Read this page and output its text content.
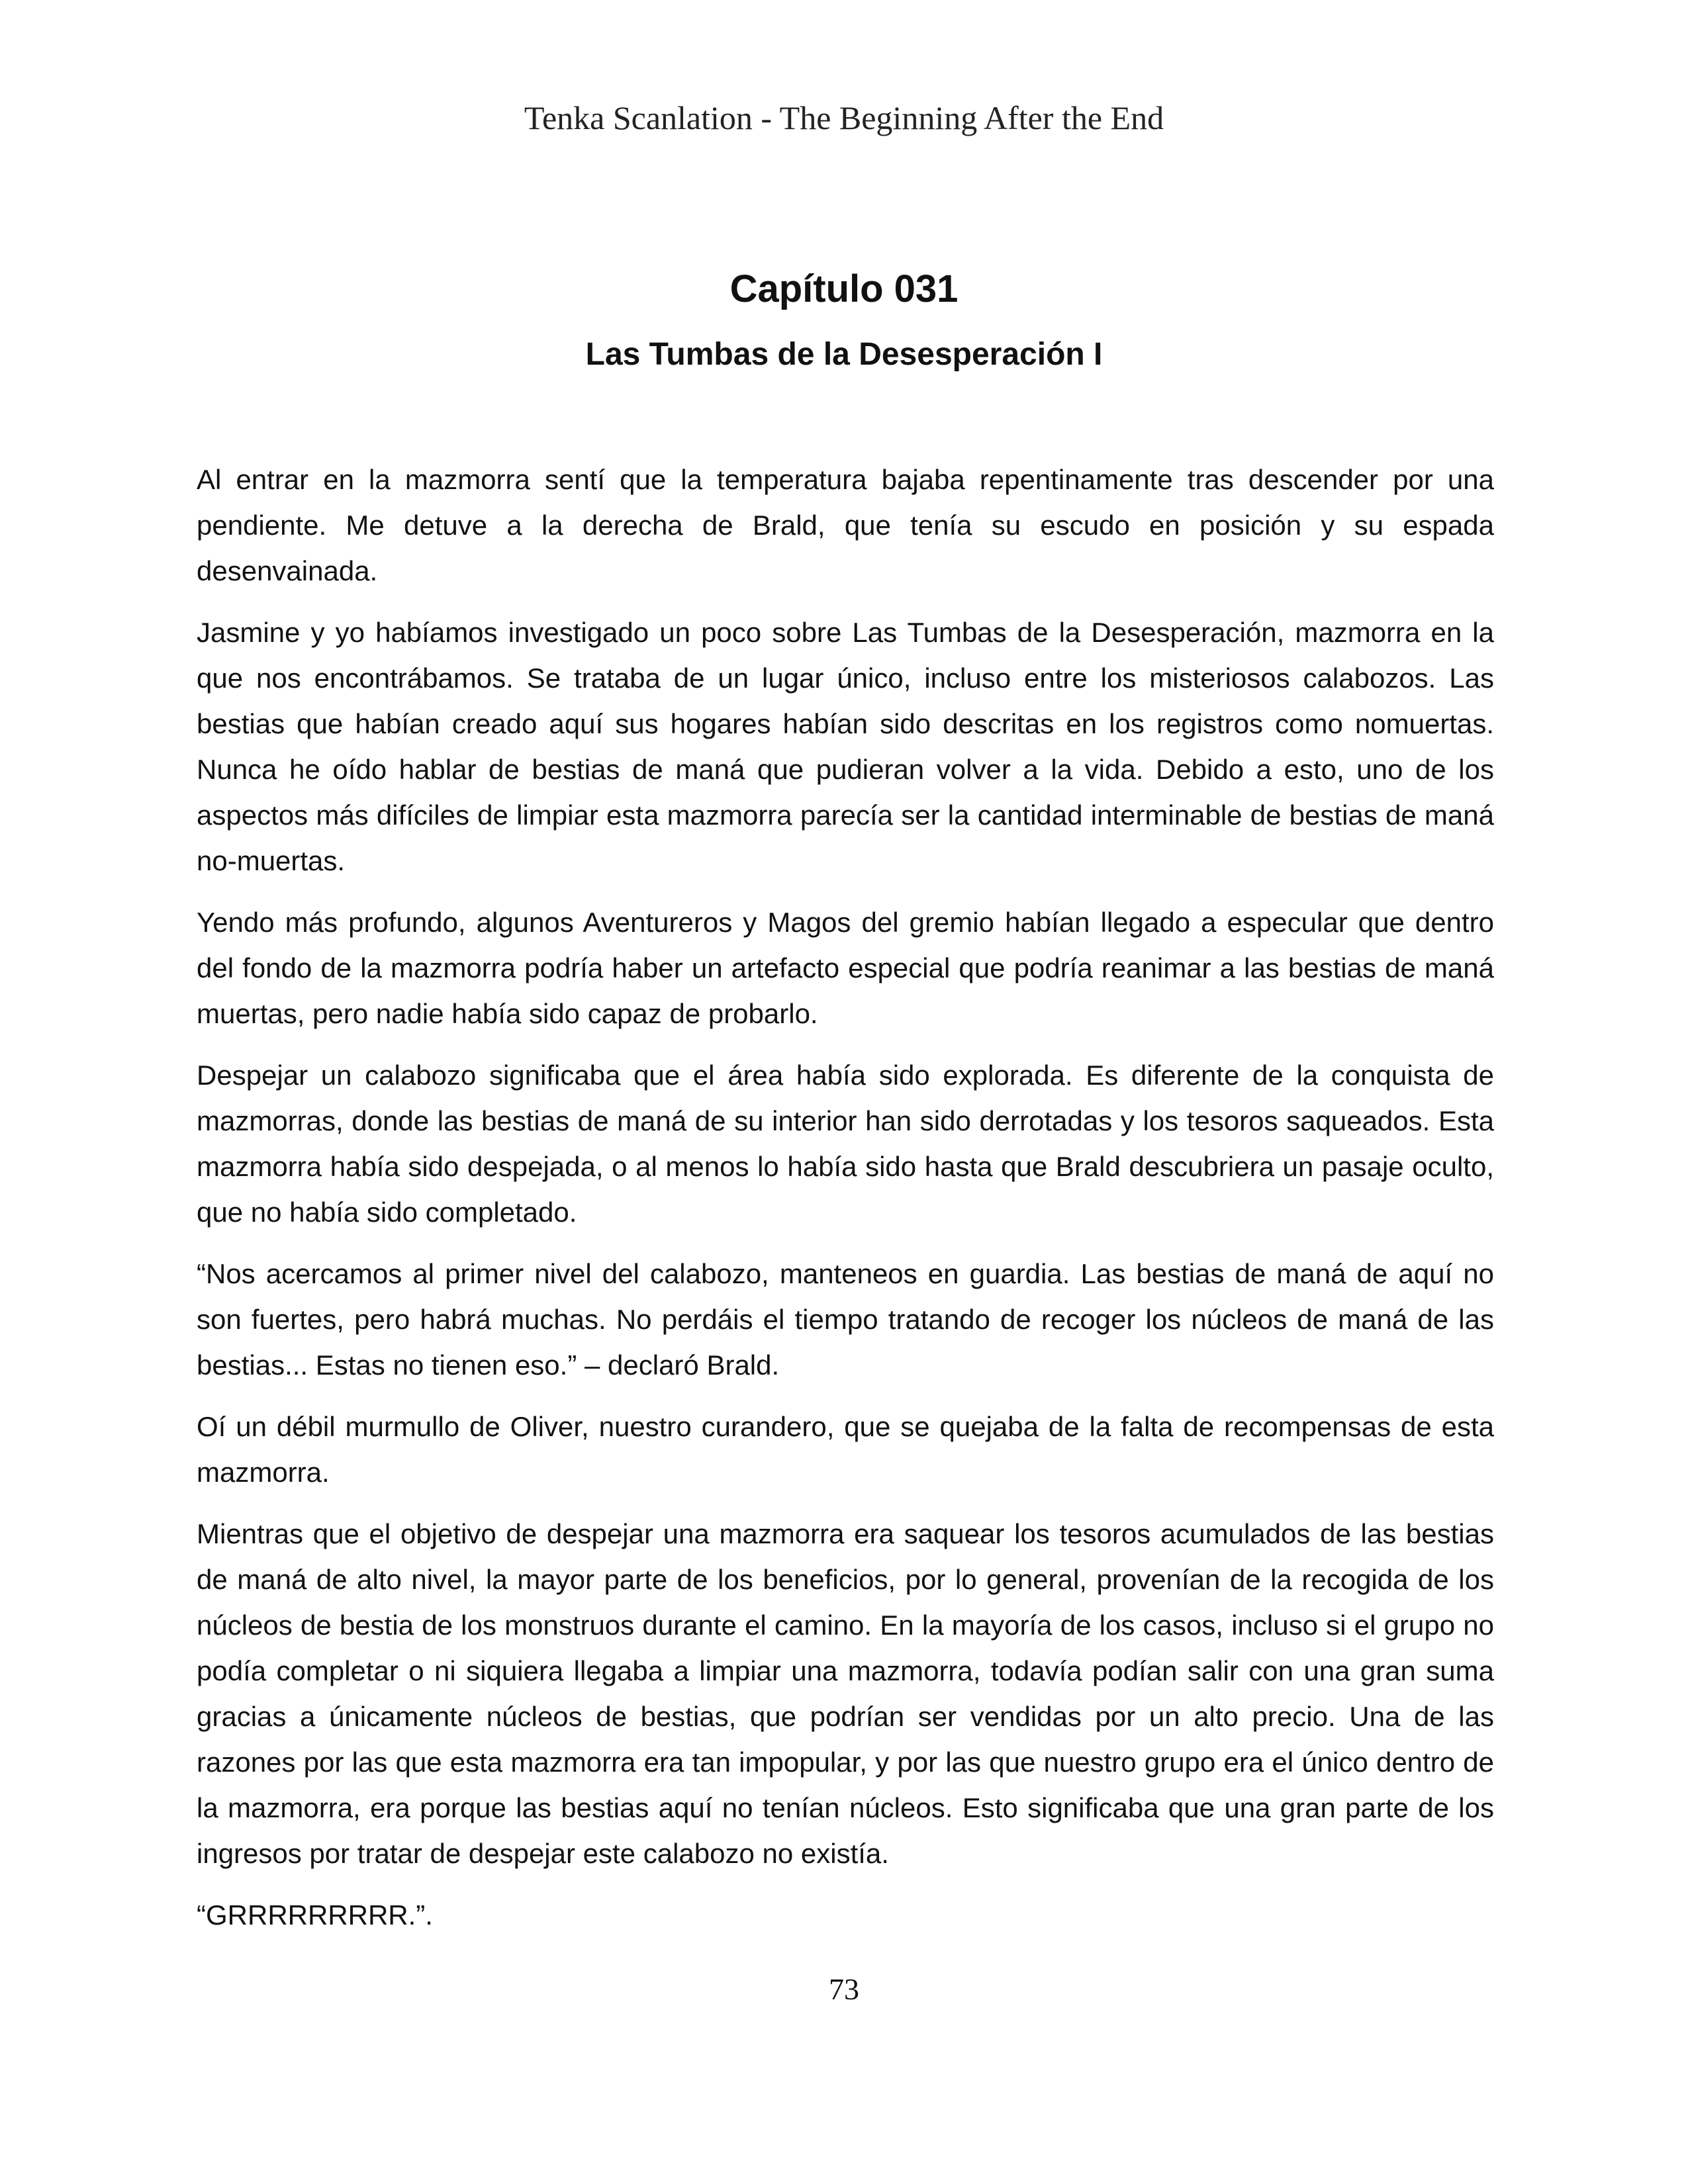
Tenka Scanlation - The Beginning After the End
Capítulo 031
Las Tumbas de la Desesperación I

Al entrar en la mazmorra sentí que la temperatura bajaba repentinamente tras descender por una pendiente. Me detuve a la derecha de Brald, que tenía su escudo en posición y su espada desenvainada.

Jasmine y yo habíamos investigado un poco sobre Las Tumbas de la Desesperación, mazmorra en la que nos encontrábamos. Se trataba de un lugar único, incluso entre los misteriosos calabozos. Las bestias que habían creado aquí sus hogares habían sido descritas en los registros como nomuertas. Nunca he oído hablar de bestias de maná que pudieran volver a la vida. Debido a esto, uno de los aspectos más difíciles de limpiar esta mazmorra parecía ser la cantidad interminable de bestias de maná no-muertas.

Yendo más profundo, algunos Aventureros y Magos del gremio habían llegado a especular que dentro del fondo de la mazmorra podría haber un artefacto especial que podría reanimar a las bestias de maná muertas, pero nadie había sido capaz de probarlo.

Despejar un calabozo significaba que el área había sido explorada. Es diferente de la conquista de mazmorras, donde las bestias de maná de su interior han sido derrotadas y los tesoros saqueados. Esta mazmorra había sido despejada, o al menos lo había sido hasta que Brald descubriera un pasaje oculto, que no había sido completado.

“Nos acercamos al primer nivel del calabozo, manteneos en guardia. Las bestias de maná de aquí no son fuertes, pero habrá muchas. No perdáis el tiempo tratando de recoger los núcleos de maná de las bestias... Estas no tienen eso.” – declaró Brald.

Oí un débil murmullo de Oliver, nuestro curandero, que se quejaba de la falta de recompensas de esta mazmorra.

Mientras que el objetivo de despejar una mazmorra era saquear los tesoros acumulados de las bestias de maná de alto nivel, la mayor parte de los beneficios, por lo general, provenían de la recogida de los núcleos de bestia de los monstruos durante el camino. En la mayoría de los casos, incluso si el grupo no podía completar o ni siquiera llegaba a limpiar una mazmorra, todavía podían salir con una gran suma gracias a únicamente núcleos de bestias, que podrían ser vendidas por un alto precio. Una de las razones por las que esta mazmorra era tan impopular, y por las que nuestro grupo era el único dentro de la mazmorra, era porque las bestias aquí no tenían núcleos. Esto significaba que una gran parte de los ingresos por tratar de despejar este calabozo no existía.

“GRRRRRRRRR.”.

73
